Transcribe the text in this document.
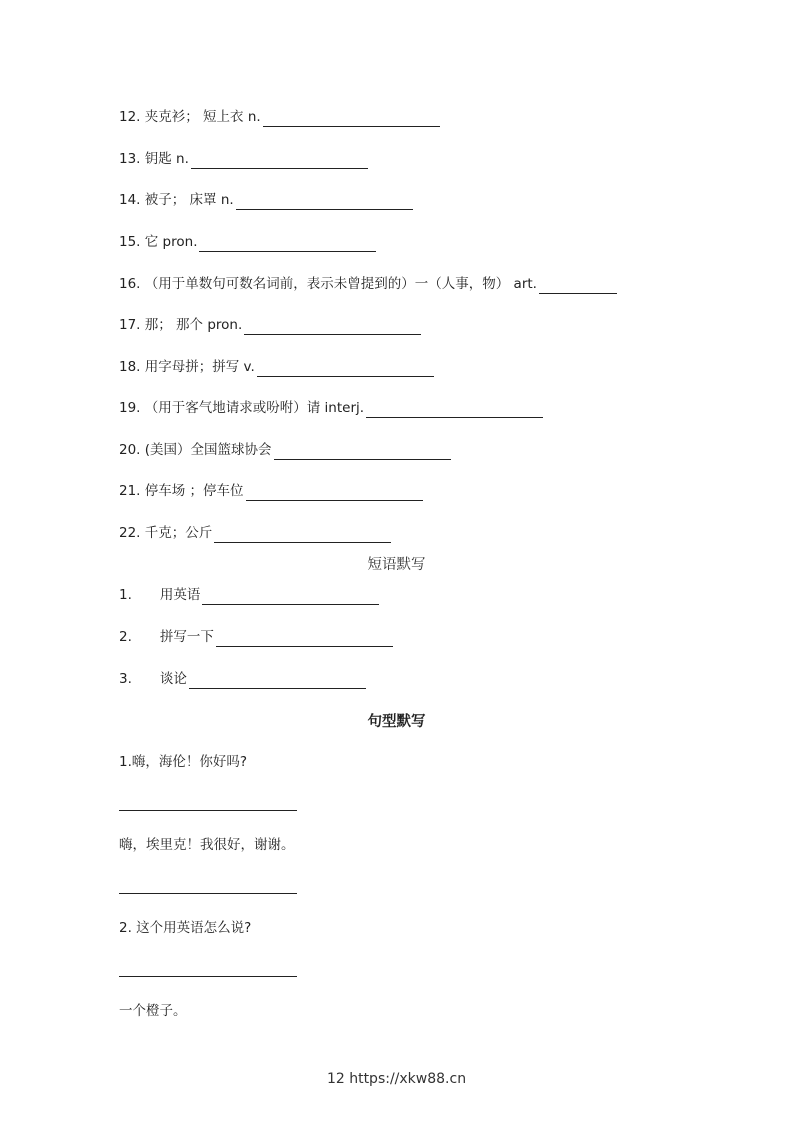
12. 夹克衫； 短上衣 n.
13. 钥匙 n.
14. 被子； 床罩 n.
15. 它 pron.
16. （用于单数句可数名词前，表示未曾提到的）一（人事，物） art.
17. 那； 那个 pron.
18. 用字母拼；拼写 v.
19. （用于客气地请求或吩咐）请 interj.
20. (美国）全国篮球协会
21. 停车场 ；停车位
22. 千克；公斤
短语默写
1. 用英语
2. 拼写一下
3. 谈论
句型默写
1.嗨，海伦！你好吗?
嗨，埃里克！我很好，谢谢。
2. 这个用英语怎么说?
一个橙子。
12 https://xkw88.cn
